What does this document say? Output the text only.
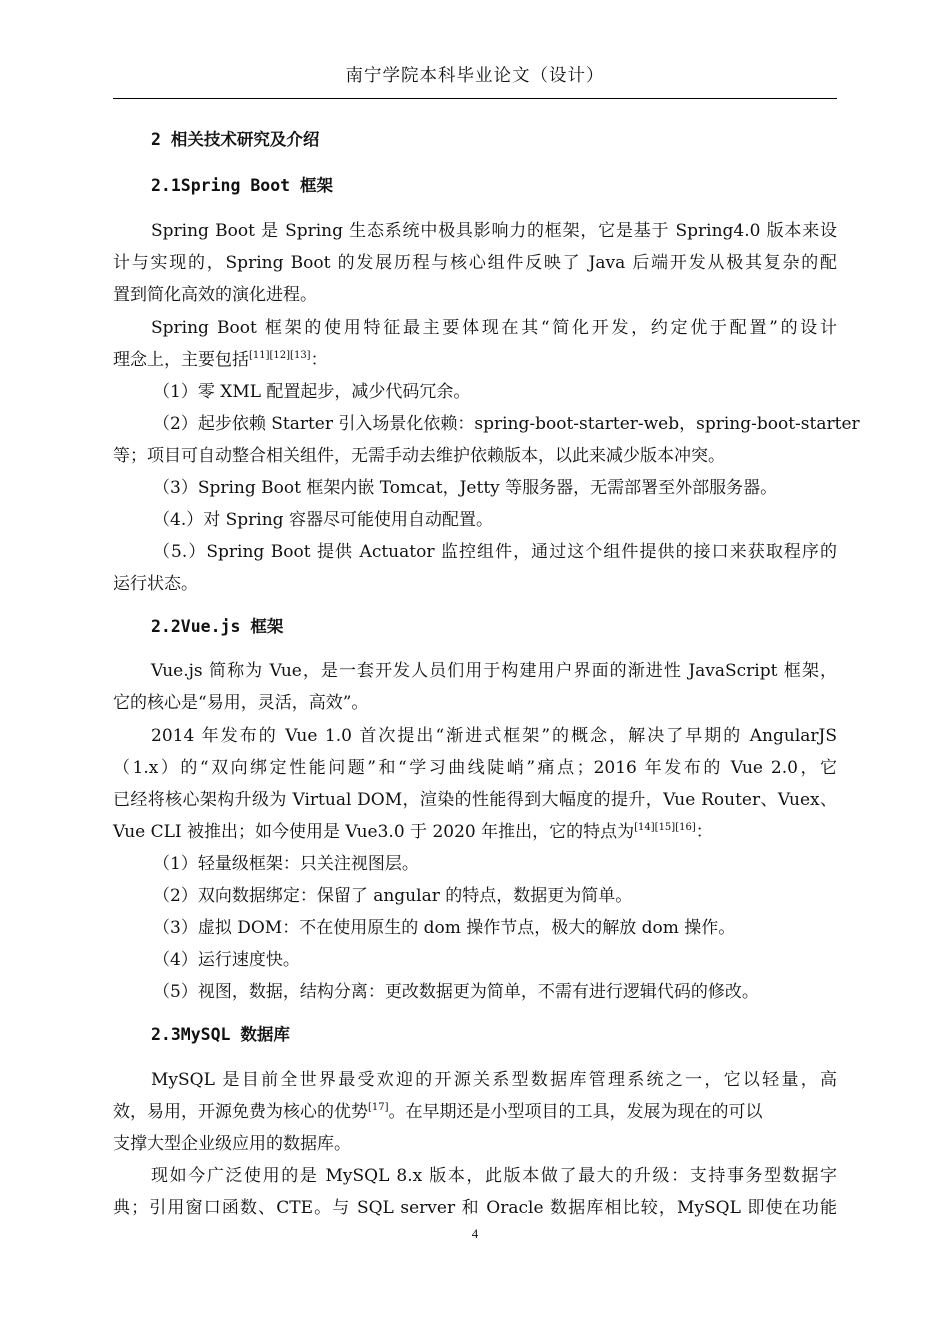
南宁学院本科毕业论文（设计）
2 相关技术研究及介绍
2.1Spring Boot 框架
Spring Boot 是 Spring 生态系统中极具影响力的框架，它是基于 Spring4.0 版本来设
计与实现的，Spring Boot 的发展历程与核心组件反映了 Java 后端开发从极其复杂的配
置到简化高效的演化进程。
Spring Boot 框架的使用特征最主要体现在其“简化开发，约定优于配置”的设计
理念上，主要包括[11][12][13]：
（1）零 XML 配置起步，减少代码冗余。
（2）起步依赖 Starter 引入场景化依赖：spring-boot-starter-web，spring-boot-starter
等；项目可自动整合相关组件，无需手动去维护依赖版本，以此来减少版本冲突。
（3）Spring Boot 框架内嵌 Tomcat，Jetty 等服务器，无需部署至外部服务器。
（4.）对 Spring 容器尽可能使用自动配置。
（5.）Spring Boot 提供 Actuator 监控组件，通过这个组件提供的接口来获取程序的
运行状态。
2.2Vue.js 框架
Vue.js 简称为 Vue，是一套开发人员们用于构建用户界面的渐进性 JavaScript 框架，
它的核心是“易用，灵活，高效”。
2014 年发布的 Vue 1.0 首次提出“渐进式框架”的概念，解决了早期的 AngularJS
（1.x）的“双向绑定性能问题”和“学习曲线陡峭”痛点；2016 年发布的 Vue 2.0，它
已经将核心架构升级为 Virtual DOM，渲染的性能得到大幅度的提升，Vue Router、Vuex、
Vue CLI 被推出；如今使用是 Vue3.0 于 2020 年推出，它的特点为[14][15][16]：
（1）轻量级框架：只关注视图层。
（2）双向数据绑定：保留了 angular 的特点，数据更为简单。
（3）虚拟 DOM：不在使用原生的 dom 操作节点，极大的解放 dom 操作。
（4）运行速度快。
（5）视图，数据，结构分离：更改数据更为简单，不需有进行逻辑代码的修改。
2.3MySQL 数据库
MySQL 是目前全世界最受欢迎的开源关系型数据库管理系统之一，它以轻量，高
效，易用，开源免费为核心的优势[17]。在早期还是小型项目的工具，发展为现在的可以
支撑大型企业级应用的数据库。
现如今广泛使用的是 MySQL 8.x 版本，此版本做了最大的升级：支持事务型数据字
典；引用窗口函数、CTE。与 SQL server 和 Oracle 数据库相比较，MySQL 即使在功能
4
